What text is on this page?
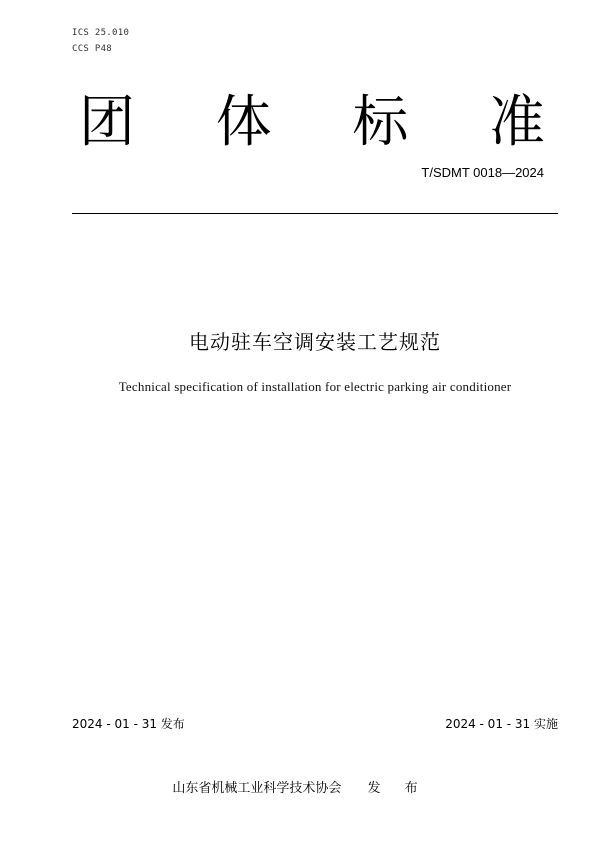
ICS 25.010
CCS P48
团 体 标 准
T/SDMT 0018—2024
电动驻车空调安装工艺规范
Technical specification of installation for electric parking air conditioner
2024 - 01 - 31 发布	2024 - 01 - 31 实施
山东省机械工业科学技术协会 发 布
